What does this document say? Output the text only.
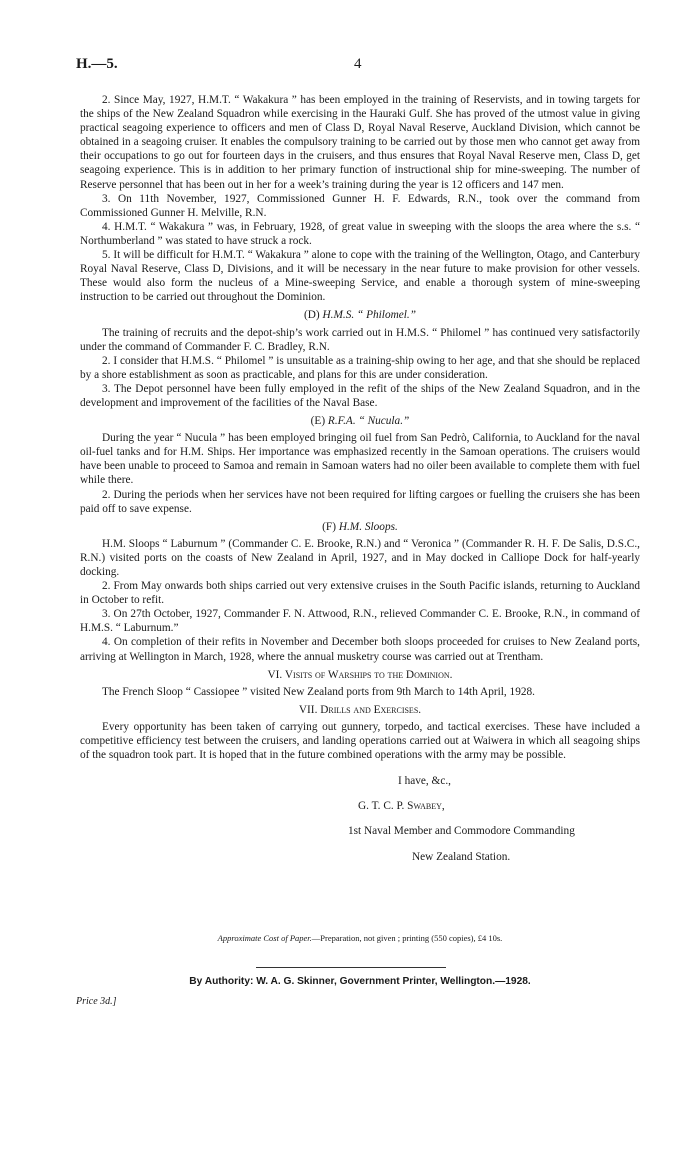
H.—5.	4

2. Since May, 1927, H.M.T. “ Wakakura ” has been employed in the training of Reservists, and in towing targets for the ships of the New Zealand Squadron while exercising in the Hauraki Gulf. She has proved of the utmost value in giving practical seagoing experience to officers and men of Class D, Royal Naval Reserve, Auckland Division, which cannot be obtained in a seagoing cruiser. It enables the compulsory training to be carried out by those men who cannot get away from their occupations to go out for fourteen days in the cruisers, and thus ensures that Royal Naval Reserve men, Class D, get seagoing experience. This is in addition to her primary function of instructional ship for mine-sweeping. The number of Reserve personnel that has been out in her for a week’s training during the year is 12 officers and 147 men.

3. On 11th November, 1927, Commissioned Gunner H. F. Edwards, R.N., took over the command from Commissioned Gunner H. Melville, R.N.

4. H.M.T. “ Wakakura ” was, in February, 1928, of great value in sweeping with the sloops the area where the s.s. “ Northumberland ” was stated to have struck a rock.

5. It will be difficult for H.M.T. “ Wakakura ” alone to cope with the training of the Wellington, Otago, and Canterbury Royal Naval Reserve, Class D, Divisions, and it will be necessary in the near future to make provision for other vessels. These would also form the nucleus of a Mine-sweeping Service, and enable a thorough system of mine-sweeping instruction to be carried out throughout the Dominion.

(D) H.M.S. “ Philomel.”

The training of recruits and the depot-ship’s work carried out in H.M.S. “ Philomel ” has continued very satisfactorily under the command of Commander F. C. Bradley, R.N.

2. I consider that H.M.S. “ Philomel ” is unsuitable as a training-ship owing to her age, and that she should be replaced by a shore establishment as soon as practicable, and plans for this are under consideration.

3. The Depot personnel have been fully employed in the refit of the ships of the New Zealand Squadron, and in the development and improvement of the facilities of the Naval Base.

(E) R.F.A. “ Nucula.”

During the year “ Nucula ” has been employed bringing oil fuel from San Pedrò, California, to Auckland for the naval oil-fuel tanks and for H.M. Ships. Her importance was emphasized recently in the Samoan operations. The cruisers would have been unable to proceed to Samoa and remain in Samoan waters had no oiler been available to complete them with fuel while there.

2. During the periods when her services have not been required for lifting cargoes or fuelling the cruisers she has been paid off to save expense.

(F) H.M. Sloops.

H.M. Sloops “ Laburnum ” (Commander C. E. Brooke, R.N.) and “ Veronica ” (Commander R. H. F. De Salis, D.S.C., R.N.) visited ports on the coasts of New Zealand in April, 1927, and in May docked in Calliope Dock for half-yearly docking.

2. From May onwards both ships carried out very extensive cruises in the South Pacific islands, returning to Auckland in October to refit.

3. On 27th October, 1927, Commander F. N. Attwood, R.N., relieved Commander C. E. Brooke, R.N., in command of H.M.S. “ Laburnum.”

4. On completion of their refits in November and December both sloops proceeded for cruises to New Zealand ports, arriving at Wellington in March, 1928, where the annual musketry course was carried out at Trentham.

VI. Visits of Warships to the Dominion.

The French Sloop “ Cassiopee ” visited New Zealand ports from 9th March to 14th April, 1928.

VII. Drills and Exercises.

Every opportunity has been taken of carrying out gunnery, torpedo, and tactical exercises. These have included a competitive efficiency test between the cruisers, and landing operations carried out at Waiwera in which all seagoing ships of the squadron took part. It is hoped that in the future combined operations with the army may be possible.

I have, &c.,

G. T. C. P. Swabey,

1st Naval Member and Commodore Commanding

New Zealand Station.

Approximate Cost of Paper.—Preparation, not given ; printing (550 copies), £4 10s.
By Authority: W. A. G. Skinner, Government Printer, Wellington.—1928.
Price 3d.]
